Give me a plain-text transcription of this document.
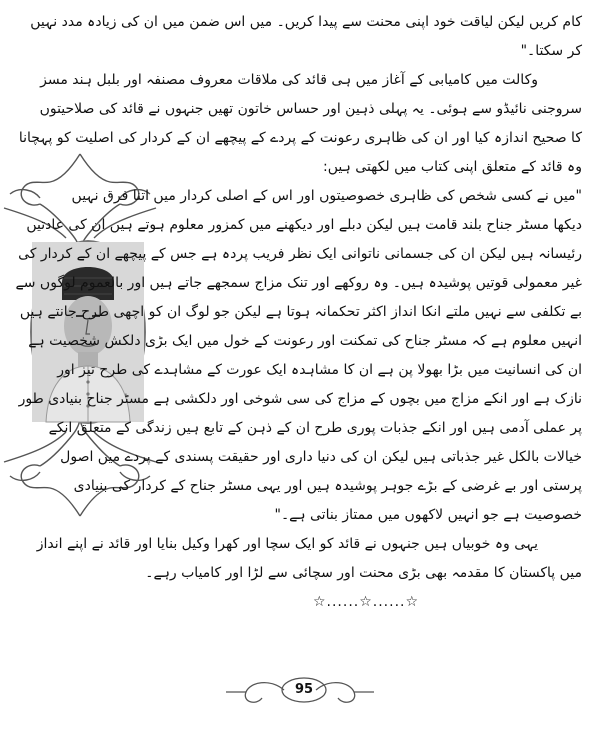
کام کریں لیکن لیاقت خود اپنی محنت سے پیدا کریں۔ میں اس ضمن میں ان کی زیادہ مدد نہیں
کر سکتا۔"
وکالت میں کامیابی کے آغاز میں ہی قائد کی ملاقات معروف مصنفہ اور بلبل ہند مسز
سروجنی نائیڈو سے ہوئی۔ یہ پہلی ذہین اور حساس خاتون تھیں جنہوں نے قائد کی صلاحیتوں
کا صحیح اندازہ کیا اور ان کی ظاہری رعونت کے پردے کے پیچھے ان کے کردار کی اصلیت کو پہچانا
وہ قائد کے متعلق اپنی کتاب میں لکھتی ہیں:
"میں نے کسی شخص کی ظاہری خصوصیتوں اور اس کے اصلی کردار میں اتنا فرق نہیں
دیکھا مسٹر جناح بلند قامت ہیں لیکن دبلے اور دیکھنے میں کمزور معلوم ہوتے ہیں ان کی عادتیں
رئیسانہ ہیں لیکن ان کی جسمانی ناتوانی ایک نظر فریب پردہ ہے جس کے پیچھے ان کے کردار کی
غیر معمولی قوتیں پوشیدہ ہیں۔ وہ روکھے اور تنک مزاج سمجھے جاتے ہیں اور بالعموم لوگوں سے
بے تکلفی سے نہیں ملتے انکا انداز اکثر تحکمانہ ہوتا ہے لیکن جو لوگ ان کو اچھی طرح جانتے ہیں
انہیں معلوم ہے کہ مسٹر جناح کی تمکنت اور رعونت کے خول میں ایک بڑی دلکش شخصیت ہے
ان کی انسانیت میں بڑا بھولا پن ہے ان کا مشاہدہ ایک عورت کے مشاہدے کی طرح تیز اور
نازک ہے اور انکے مزاج میں بچوں کے مزاج کی سی شوخی اور دلکشی ہے مسٹر جناح بنیادی طور
پر عملی آدمی ہیں اور انکے جذبات پوری طرح ان کے ذہن کے تابع ہیں زندگی کے متعلق انکے
خیالات بالکل غیر جذباتی ہیں لیکن ان کی دنیا داری اور حقیقت پسندی کے پردے میں اصول
پرستی اور بے غرضی کے بڑے جوہر پوشیدہ ہیں اور یہی مسٹر جناح کے کردار کی بنیادی
خصوصیت ہے جو انہیں لاکھوں میں ممتاز بناتی ہے۔"
یہی وہ خوبیاں ہیں جنہوں نے قائد کو ایک سچا اور کھرا وکیل بنایا اور قائد نے اپنے انداز
میں پاکستان کا مقدمہ بھی بڑی محنت اور سچائی سے لڑا اور کامیاب رہے۔
☆......☆......☆
95
